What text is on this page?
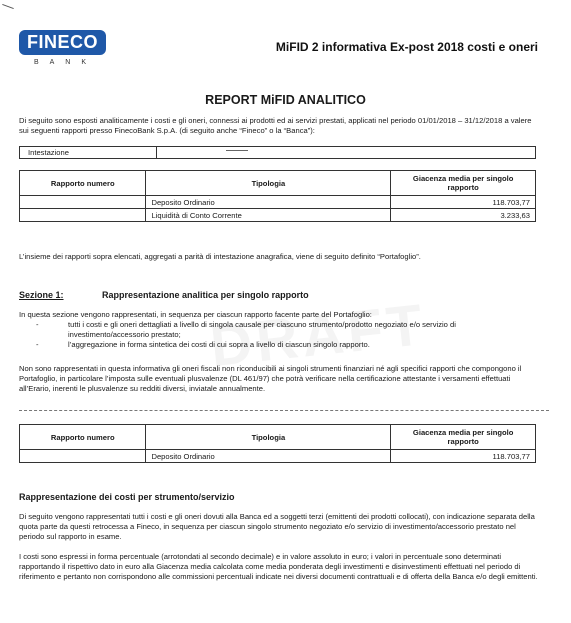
FINECO
BANK
MiFID 2 informativa Ex-post 2018 costi e oneri
REPORT MiFID ANALITICO
Di seguito sono esposti analiticamente i costi e gli oneri, connessi ai prodotti ed ai servizi prestati, applicati nel periodo 01/01/2018 – 31/12/2018 a valere sui seguenti rapporti presso FinecoBank S.p.A. (di seguito anche “Fineco” o la “Banca”):
Intestazione
Rapporto numero	Tipologia	Giacenza media per singolo rapporto
	Deposito Ordinario	118.703,77
	Liquidità di Conto Corrente	3.233,63
L’insieme dei rapporti sopra elencati, aggregati a parità di intestazione anagrafica, viene di seguito definito “Portafoglio”.
Sezione 1:	Rappresentazione analitica per singolo rapporto
In questa sezione vengono rappresentati, in sequenza per ciascun rapporto facente parte del Portafoglio:
-	tutti i costi e gli oneri dettagliati a livello di singola causale per ciascuno strumento/prodotto negoziato e/o servizio di investimento/accessorio prestato;
-	l’aggregazione in forma sintetica dei costi di cui sopra a livello di ciascun singolo rapporto.
Non sono rappresentati in questa informativa gli oneri fiscali non riconducibili ai singoli strumenti finanziari né agli specifici rapporti che compongono il Portafoglio, in particolare l’imposta sulle eventuali plusvalenze (DL 461/97) che potrà verificare nella certificazione attestante i versamenti effettuati all’Erario, inerenti le plusvalenze su redditi diversi, inviatale annualmente.
Rapporto numero	Tipologia	Giacenza media per singolo rapporto
	Deposito Ordinario	118.703,77
Rappresentazione dei costi per strumento/servizio
Di seguito vengono rappresentati tutti i costi e gli oneri dovuti alla Banca ed a soggetti terzi (emittenti dei prodotti collocati), con indicazione separata della quota parte da questi retrocessa a Fineco, in sequenza per ciascun singolo strumento negoziato e/o servizio di investimento/accessorio prestato nel periodo sul rapporto in esame.
I costi sono espressi in forma percentuale (arrotondati al secondo decimale) e in valore assoluto in euro; i valori in percentuale sono determinati rapportando il rispettivo dato in euro alla Giacenza media calcolata come media ponderata degli investimenti e disinvestimenti effettuati nel periodo di riferimento e pertanto non corrispondono alle commissioni percentuali indicate nei diversi documenti contrattuali e di offerta della Banca e/o degli emittenti.
